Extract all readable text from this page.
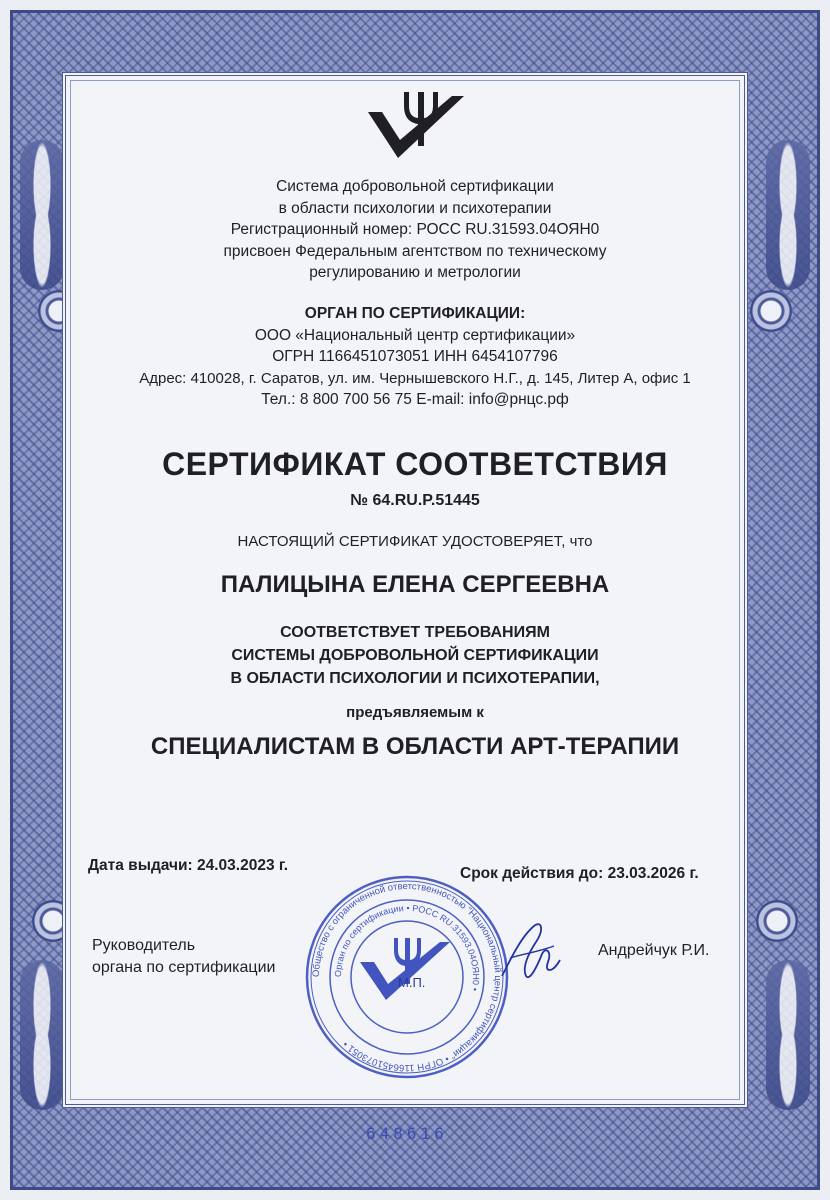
Система добровольной сертификации
в области психологии и психотерапии
Регистрационный номер: РОСС RU.31593.04ОЯН0
присвоен Федеральным агентством по техническому
регулированию и метрологии
ОРГАН ПО СЕРТИФИКАЦИИ:
ООО «Национальный центр сертификации»
ОГРН 1166451073051 ИНН 6454107796
Адрес: 410028, г. Саратов, ул. им. Чернышевского Н.Г., д. 145, Литер А, офис 1
Тел.: 8 800 700 56 75 E-mail: info@рнцс.рф
СЕРТИФИКАТ СООТВЕТСТВИЯ
№ 64.RU.P.51445
НАСТОЯЩИЙ СЕРТИФИКАТ УДОСТОВЕРЯЕТ, что
ПАЛИЦЫНА ЕЛЕНА СЕРГЕЕВНА
СООТВЕТСТВУЕТ ТРЕБОВАНИЯМ
СИСТЕМЫ ДОБРОВОЛЬНОЙ СЕРТИФИКАЦИИ
В ОБЛАСТИ ПСИХОЛОГИИ И ПСИХОТЕРАПИИ,
предъявляемым к
СПЕЦИАЛИСТАМ В ОБЛАСТИ АРТ-ТЕРАПИИ
Дата выдачи: 24.03.2023 г.	Срок действия до: 23.03.2026 г.
Руководитель
органа по сертификации
Андрейчук Р.И.
Общество с ограниченной ответственностью "Национальный центр сертификации" • ОГРН 1166451073051 •
Орган по сертификации • РОСС RU.31593.04ОЯН0 •
М.П.
648616
